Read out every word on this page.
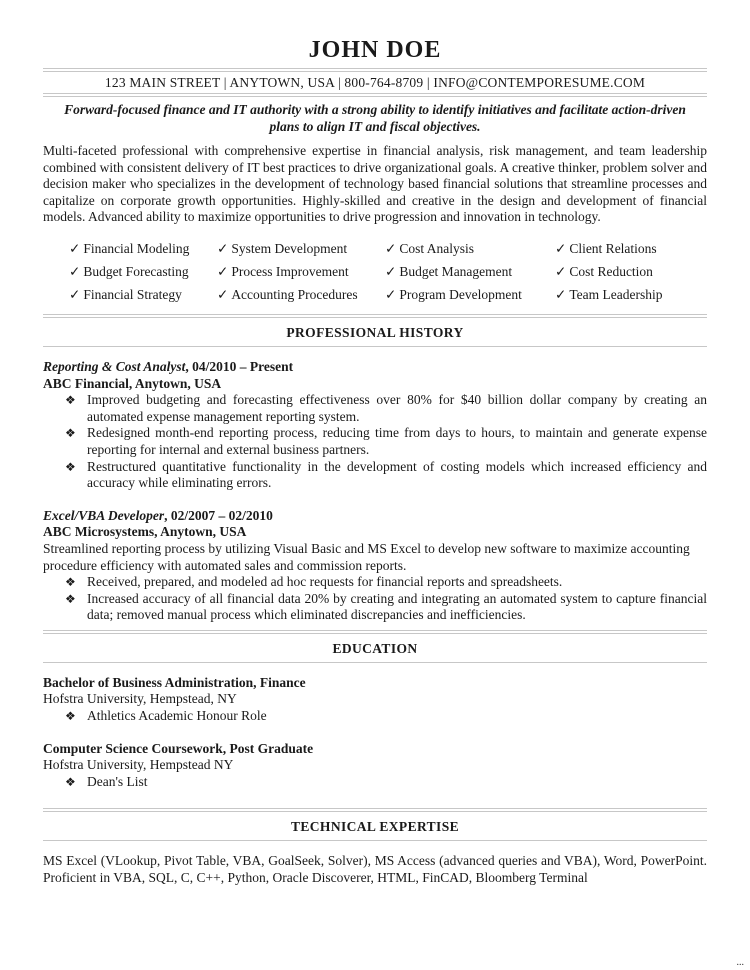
JOHN DOE
123 MAIN STREET | ANYTOWN, USA | 800-764-8709 | INFO@CONTEMPORESUME.COM
Forward-focused finance and IT authority with a strong ability to identify initiatives and facilitate action-driven plans to align IT and fiscal objectives.
Multi-faceted professional with comprehensive expertise in financial analysis, risk management, and team leadership combined with consistent delivery of IT best practices to drive organizational goals. A creative thinker, problem solver and decision maker who specializes in the development of technology based financial solutions that streamline processes and capitalize on corporate growth opportunities. Highly-skilled and creative in the design and development of financial models. Advanced ability to maximize opportunities to drive progression and innovation in technology.
✓ Financial Modeling	✓ System Development	✓ Cost Analysis	✓ Client Relations
✓ Budget Forecasting	✓ Process Improvement	✓ Budget Management	✓ Cost Reduction
✓ Financial Strategy	✓ Accounting Procedures	✓ Program Development	✓ Team Leadership
PROFESSIONAL HISTORY
Reporting & Cost Analyst, 04/2010 – Present
ABC Financial, Anytown, USA
❖ Improved budgeting and forecasting effectiveness over 80% for $40 billion dollar company by creating an automated expense management reporting system.
❖ Redesigned month-end reporting process, reducing time from days to hours, to maintain and generate expense reporting for internal and external business partners.
❖ Restructured quantitative functionality in the development of costing models which increased efficiency and accuracy while eliminating errors.
Excel/VBA Developer, 02/2007 – 02/2010
ABC Microsystems, Anytown, USA
Streamlined reporting process by utilizing Visual Basic and MS Excel to develop new software to maximize accounting procedure efficiency with automated sales and commission reports.
❖ Received, prepared, and modeled ad hoc requests for financial reports and spreadsheets.
❖ Increased accuracy of all financial data 20% by creating and integrating an automated system to capture financial data; removed manual process which eliminated discrepancies and inefficiencies.
EDUCATION
Bachelor of Business Administration, Finance
Hofstra University, Hempstead, NY
❖ Athletics Academic Honour Role
Computer Science Coursework, Post Graduate
Hofstra University, Hempstead NY
❖ Dean's List
TECHNICAL EXPERTISE
MS Excel (VLookup, Pivot Table, VBA, GoalSeek, Solver), MS Access (advanced queries and VBA), Word, PowerPoint. Proficient in VBA, SQL, C, C++, Python, Oracle Discoverer, HTML, FinCAD, Bloomberg Terminal
...
